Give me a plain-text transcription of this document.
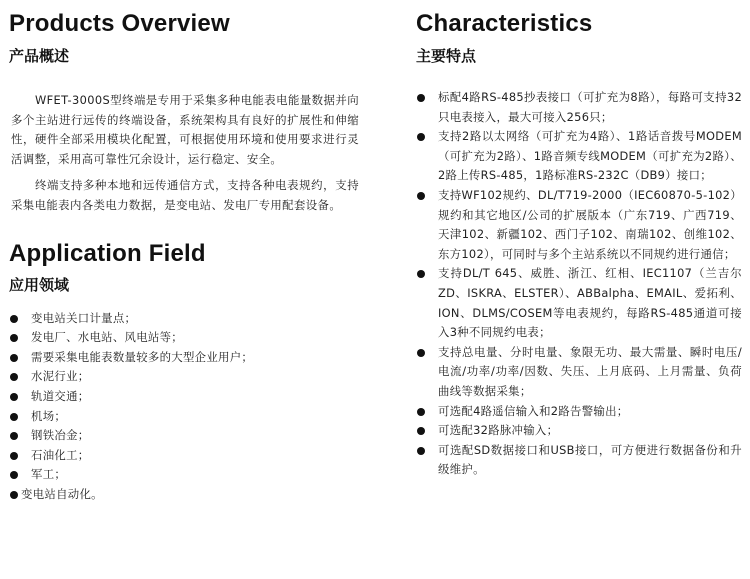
Products Overview
产品概述

WFET-3000S型终端是专用于采集多种电能表电能量数据并向多个主站进行远传的终端设备，系统架构具有良好的扩展性和伸缩性，硬件全部采用模块化配置，可根据使用环境和使用要求进行灵活调整，采用高可靠性冗余设计，运行稳定、安全。

终端支持多种本地和远传通信方式，支持各种电表规约，支持采集电能表内各类电力数据，是变电站、发电厂专用配套设备。

Application Field
应用领域
变电站关口计量点；
发电厂、水电站、风电站等；
需要采集电能表数量较多的大型企业用户；
水泥行业；
轨道交通；
机场；
钢铁冶金；
石油化工；
军工；
变电站自动化。
Characteristics
主要特点
标配4路RS-485抄表接口（可扩充为8路），每路可支持32只电表接入，最大可接入256只；
支持2路以太网络（可扩充为4路）、1路话音拨号MODEM（可扩充为2路）、1路音频专线MODEM（可扩充为2路）、2路上传RS-485，1路标准RS-232C（DB9）接口；
支持WF102规约、DL/T719-2000（IEC60870-5-102）规约和其它地区/公司的扩展版本（广东719、广西719、天津102、新疆102、西门子102、南瑞102、创维102、东方102），可同时与多个主站系统以不同规约进行通信；
支持DL/T 645、威胜、浙江、红相、IEC1107（兰吉尔ZD、ISKRA、ELSTER）、ABBalpha、EMAIL、爱拓利、ION、DLMS/COSEM等电表规约，每路RS-485通道可接入3种不同规约电表；
支持总电量、分时电量、象限无功、最大需量、瞬时电压/电流/功率/功率/因数、失压、上月底码、上月需量、负荷曲线等数据采集；
可选配4路遥信输入和2路告警输出；
可选配32路脉冲输入；
可选配SD数据接口和USB接口，可方便进行数据备份和升级维护。
